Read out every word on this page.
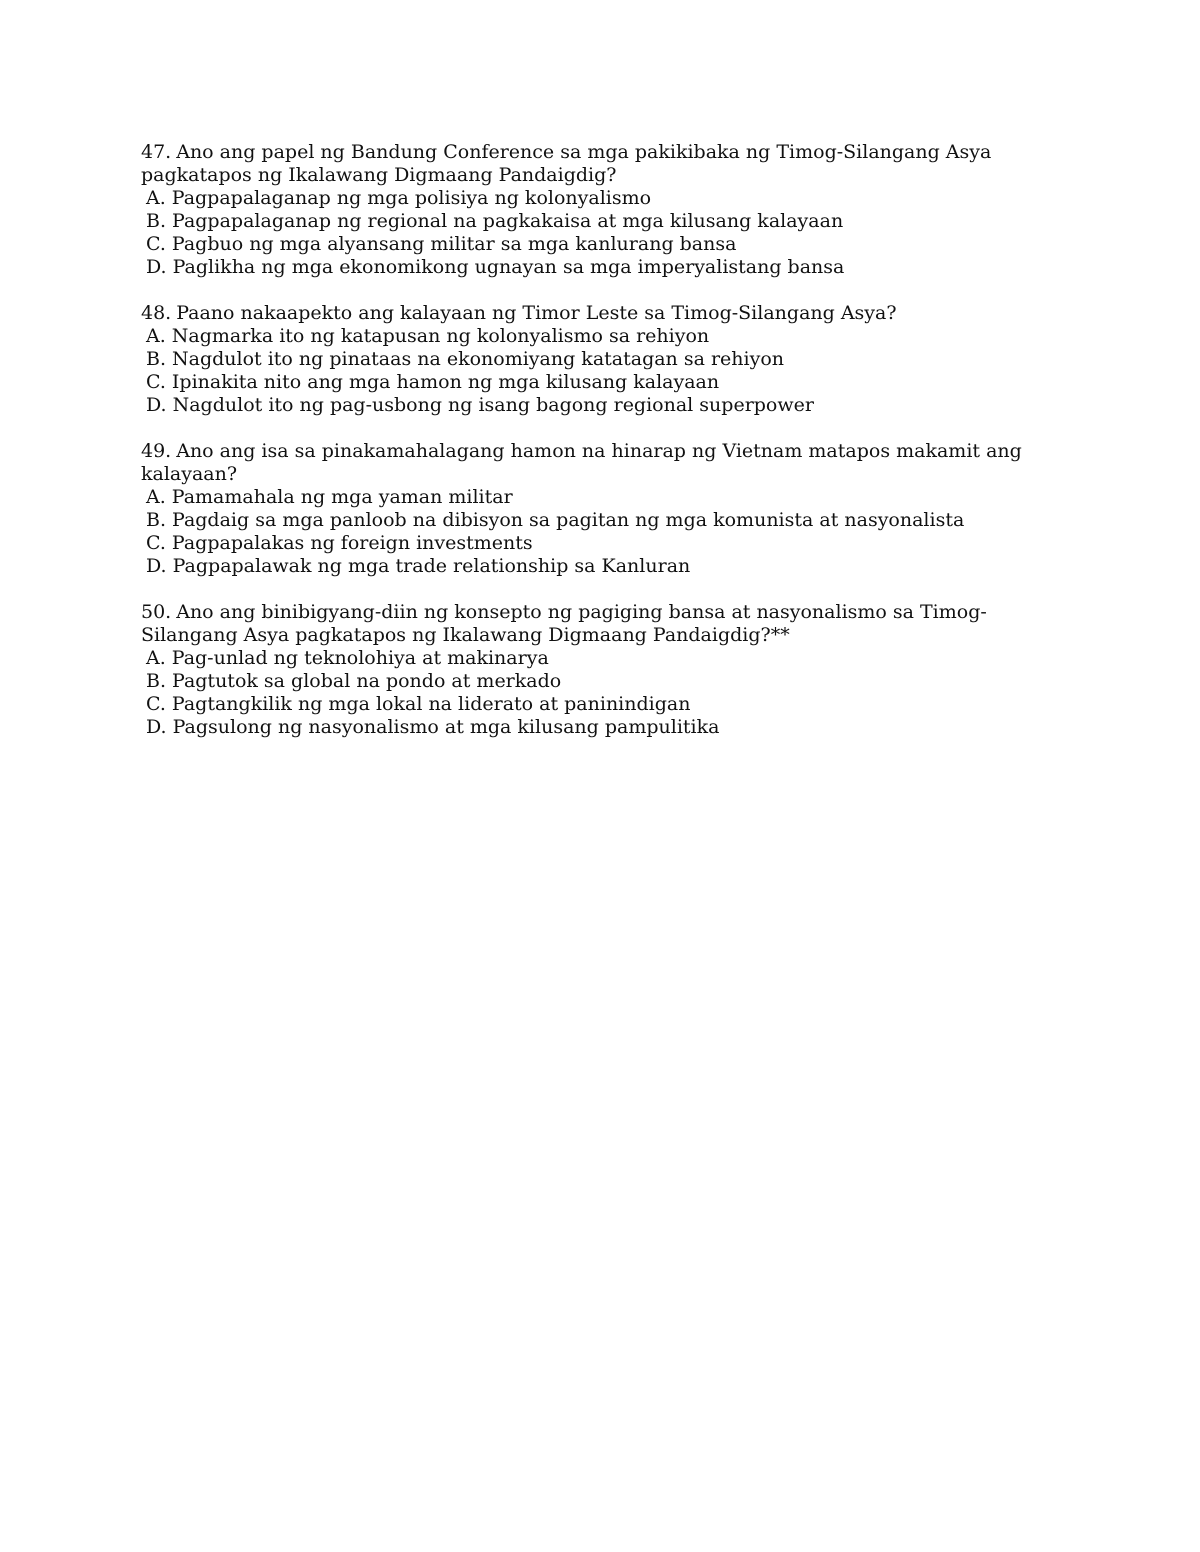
47. Ano ang papel ng Bandung Conference sa mga pakikibaka ng Timog-Silangang Asya pagkatapos ng Ikalawang Digmaang Pandaigdig?

A. Pagpapalaganap ng mga polisiya ng kolonyalismo
B. Pagpapalaganap ng regional na pagkakaisa at mga kilusang kalayaan
C. Pagbuo ng mga alyansang militar sa mga kanlurang bansa
D. Paglikha ng mga ekonomikong ugnayan sa mga imperyalistang bansa

48. Paano nakaapekto ang kalayaan ng Timor Leste sa Timog-Silangang Asya?

A. Nagmarka ito ng katapusan ng kolonyalismo sa rehiyon
B. Nagdulot ito ng pinataas na ekonomiyang katatagan sa rehiyon
C. Ipinakita nito ang mga hamon ng mga kilusang kalayaan
D. Nagdulot ito ng pag-usbong ng isang bagong regional superpower

49. Ano ang isa sa pinakamahalagang hamon na hinarap ng Vietnam matapos makamit ang kalayaan?

A. Pamamahala ng mga yaman militar
B. Pagdaig sa mga panloob na dibisyon sa pagitan ng mga komunista at nasyonalista
C. Pagpapalakas ng foreign investments
D. Pagpapalawak ng mga trade relationship sa Kanluran

50. Ano ang binibigyang-diin ng konsepto ng pagiging bansa at nasyonalismo sa Timog-Silangang Asya pagkatapos ng Ikalawang Digmaang Pandaigdig?**

A. Pag-unlad ng teknolohiya at makinarya
B. Pagtutok sa global na pondo at merkado
C. Pagtangkilik ng mga lokal na liderato at paninindigan
D. Pagsulong ng nasyonalismo at mga kilusang pampulitika
